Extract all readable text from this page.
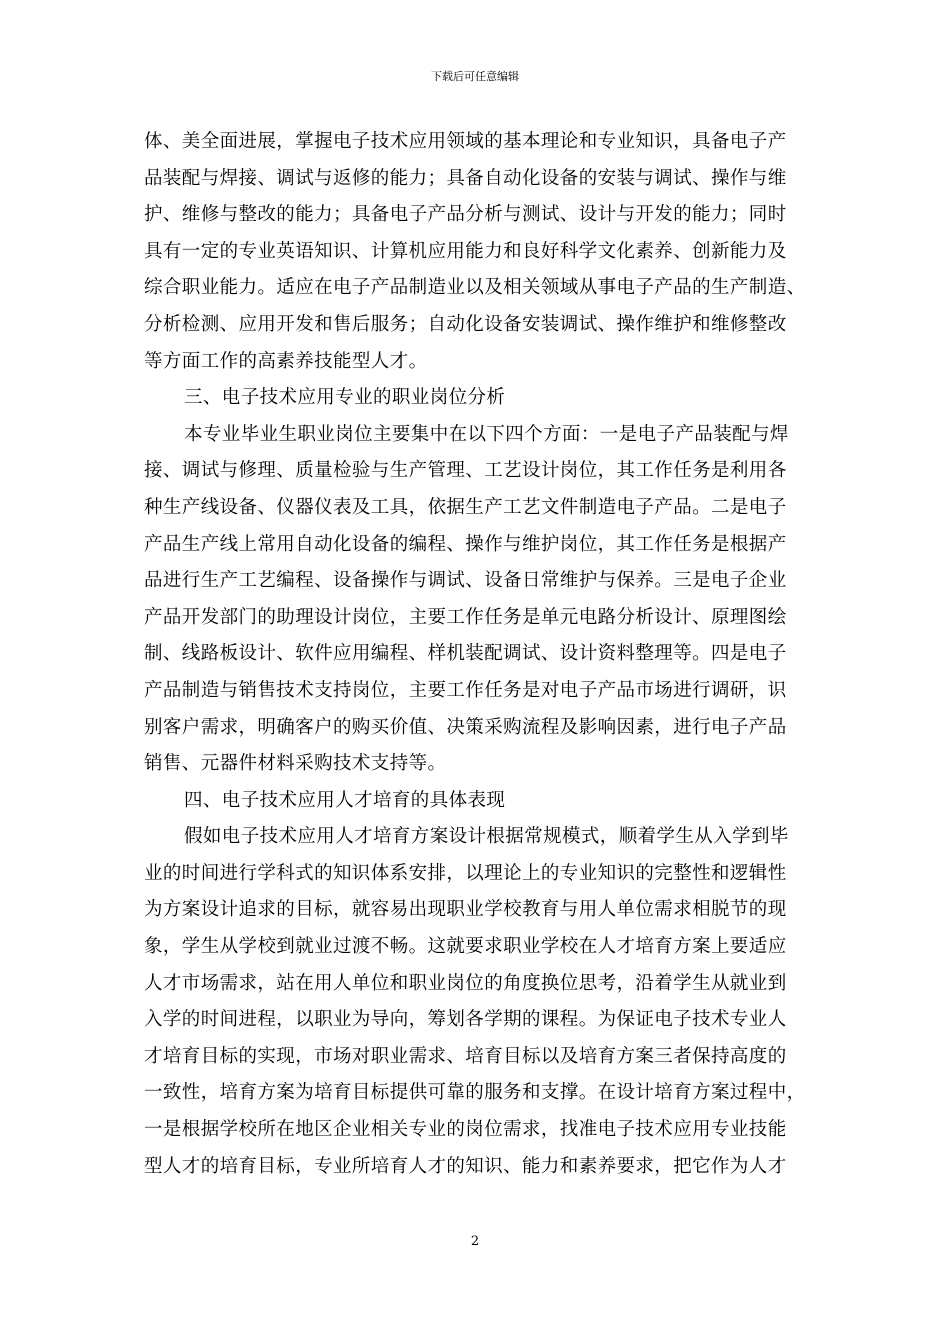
下载后可任意编辑
体、美全面进展，掌握电子技术应用领域的基本理论和专业知识，具备电子产
品装配与焊接、调试与返修的能力；具备自动化设备的安装与调试、操作与维
护、维修与整改的能力；具备电子产品分析与测试、设计与开发的能力；同时
具有一定的专业英语知识、计算机应用能力和良好科学文化素养、创新能力及
综合职业能力。适应在电子产品制造业以及相关领域从事电子产品的生产制造、
分析检测、应用开发和售后服务；自动化设备安装调试、操作维护和维修整改
等方面工作的高素养技能型人才。
三、电子技术应用专业的职业岗位分析
本专业毕业生职业岗位主要集中在以下四个方面：一是电子产品装配与焊
接、调试与修理、质量检验与生产管理、工艺设计岗位，其工作任务是利用各
种生产线设备、仪器仪表及工具，依据生产工艺文件制造电子产品。二是电子
产品生产线上常用自动化设备的编程、操作与维护岗位，其工作任务是根据产
品进行生产工艺编程、设备操作与调试、设备日常维护与保养。三是电子企业
产品开发部门的助理设计岗位，主要工作任务是单元电路分析设计、原理图绘
制、线路板设计、软件应用编程、样机装配调试、设计资料整理等。四是电子
产品制造与销售技术支持岗位，主要工作任务是对电子产品市场进行调研，识
别客户需求，明确客户的购买价值、决策采购流程及影响因素，进行电子产品
销售、元器件材料采购技术支持等。
四、电子技术应用人才培育的具体表现
假如电子技术应用人才培育方案设计根据常规模式，顺着学生从入学到毕
业的时间进行学科式的知识体系安排，以理论上的专业知识的完整性和逻辑性
为方案设计追求的目标，就容易出现职业学校教育与用人单位需求相脱节的现
象，学生从学校到就业过渡不畅。这就要求职业学校在人才培育方案上要适应
人才市场需求，站在用人单位和职业岗位的角度换位思考，沿着学生从就业到
入学的时间进程，以职业为导向，筹划各学期的课程。为保证电子技术专业人
才培育目标的实现，市场对职业需求、培育目标以及培育方案三者保持高度的
一致性，培育方案为培育目标提供可靠的服务和支撑。在设计培育方案过程中，
一是根据学校所在地区企业相关专业的岗位需求，找准电子技术应用专业技能
型人才的培育目标，专业所培育人才的知识、能力和素养要求，把它作为人才
2
